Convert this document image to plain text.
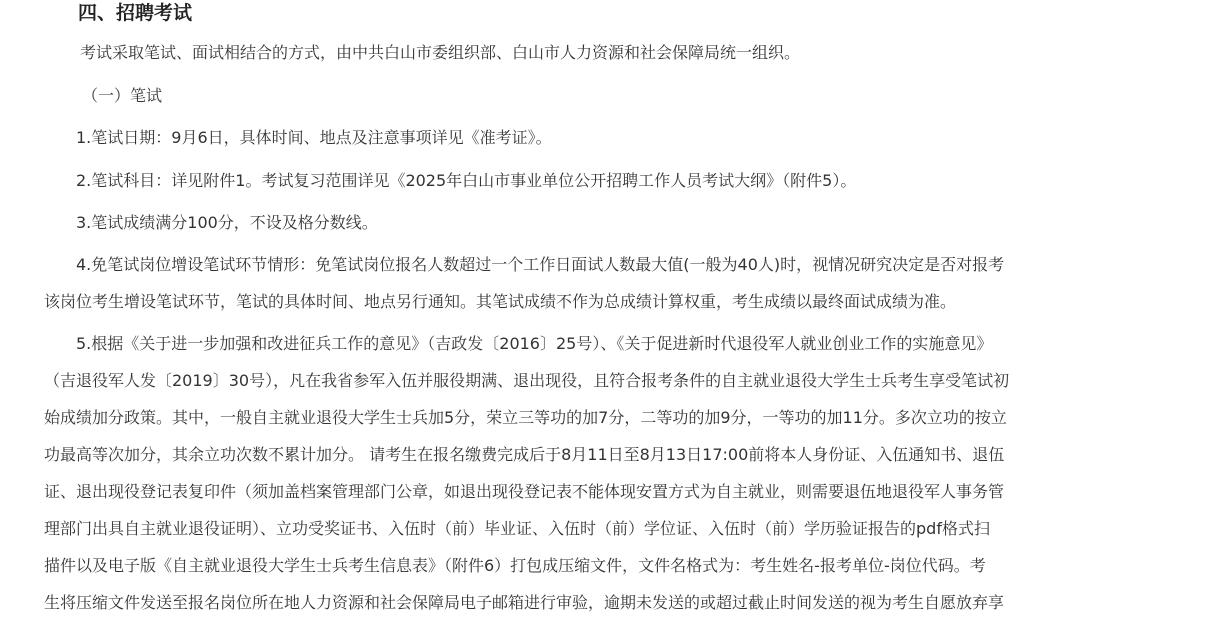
四、招聘考试

考试采取笔试、面试相结合的方式，由中共白山市委组织部、白山市人力资源和社会保障局统一组织。

（一）笔试

1.笔试日期：9月6日，具体时间、地点及注意事项详见《准考证》。

2.笔试科目：详见附件1。考试复习范围详见《2025年白山市事业单位公开招聘工作人员考试大纲》（附件5）。

3.笔试成绩满分100分，不设及格分数线。

4.免笔试岗位增设笔试环节情形：免笔试岗位报名人数超过一个工作日面试人数最大值(一般为40人)时，视情况研究决定是否对报考
该岗位考生增设笔试环节，笔试的具体时间、地点另行通知。其笔试成绩不作为总成绩计算权重，考生成绩以最终面试成绩为准。
5.根据《关于进一步加强和改进征兵工作的意见》（吉政发〔2016〕25号）、《关于促进新时代退役军人就业创业工作的实施意见》
（吉退役军人发〔2019〕30号），凡在我省参军入伍并服役期满、退出现役，且符合报考条件的自主就业退役大学生士兵考生享受笔试初
始成绩加分政策。其中，一般自主就业退役大学生士兵加5分，荣立三等功的加7分，二等功的加9分，一等功的加11分。多次立功的按立
功最高等次加分，其余立功次数不累计加分。 请考生在报名缴费完成后于8月11日至8月13日17:00前将本人身份证、入伍通知书、退伍
证、退出现役登记表复印件（须加盖档案管理部门公章，如退出现役登记表不能体现安置方式为自主就业，则需要退伍地退役军人事务管
理部门出具自主就业退役证明）、立功受奖证书、入伍时（前）毕业证、入伍时（前）学位证、入伍时（前）学历验证报告的pdf格式扫
描件以及电子版《自主就业退役大学生士兵考生信息表》（附件6）打包成压缩文件，文件名格式为：考生姓名-报考单位-岗位代码。考
生将压缩文件发送至报名岗位所在地人力资源和社会保障局电子邮箱进行审验，逾期未发送的或超过截止时间发送的视为考生自愿放弃享
